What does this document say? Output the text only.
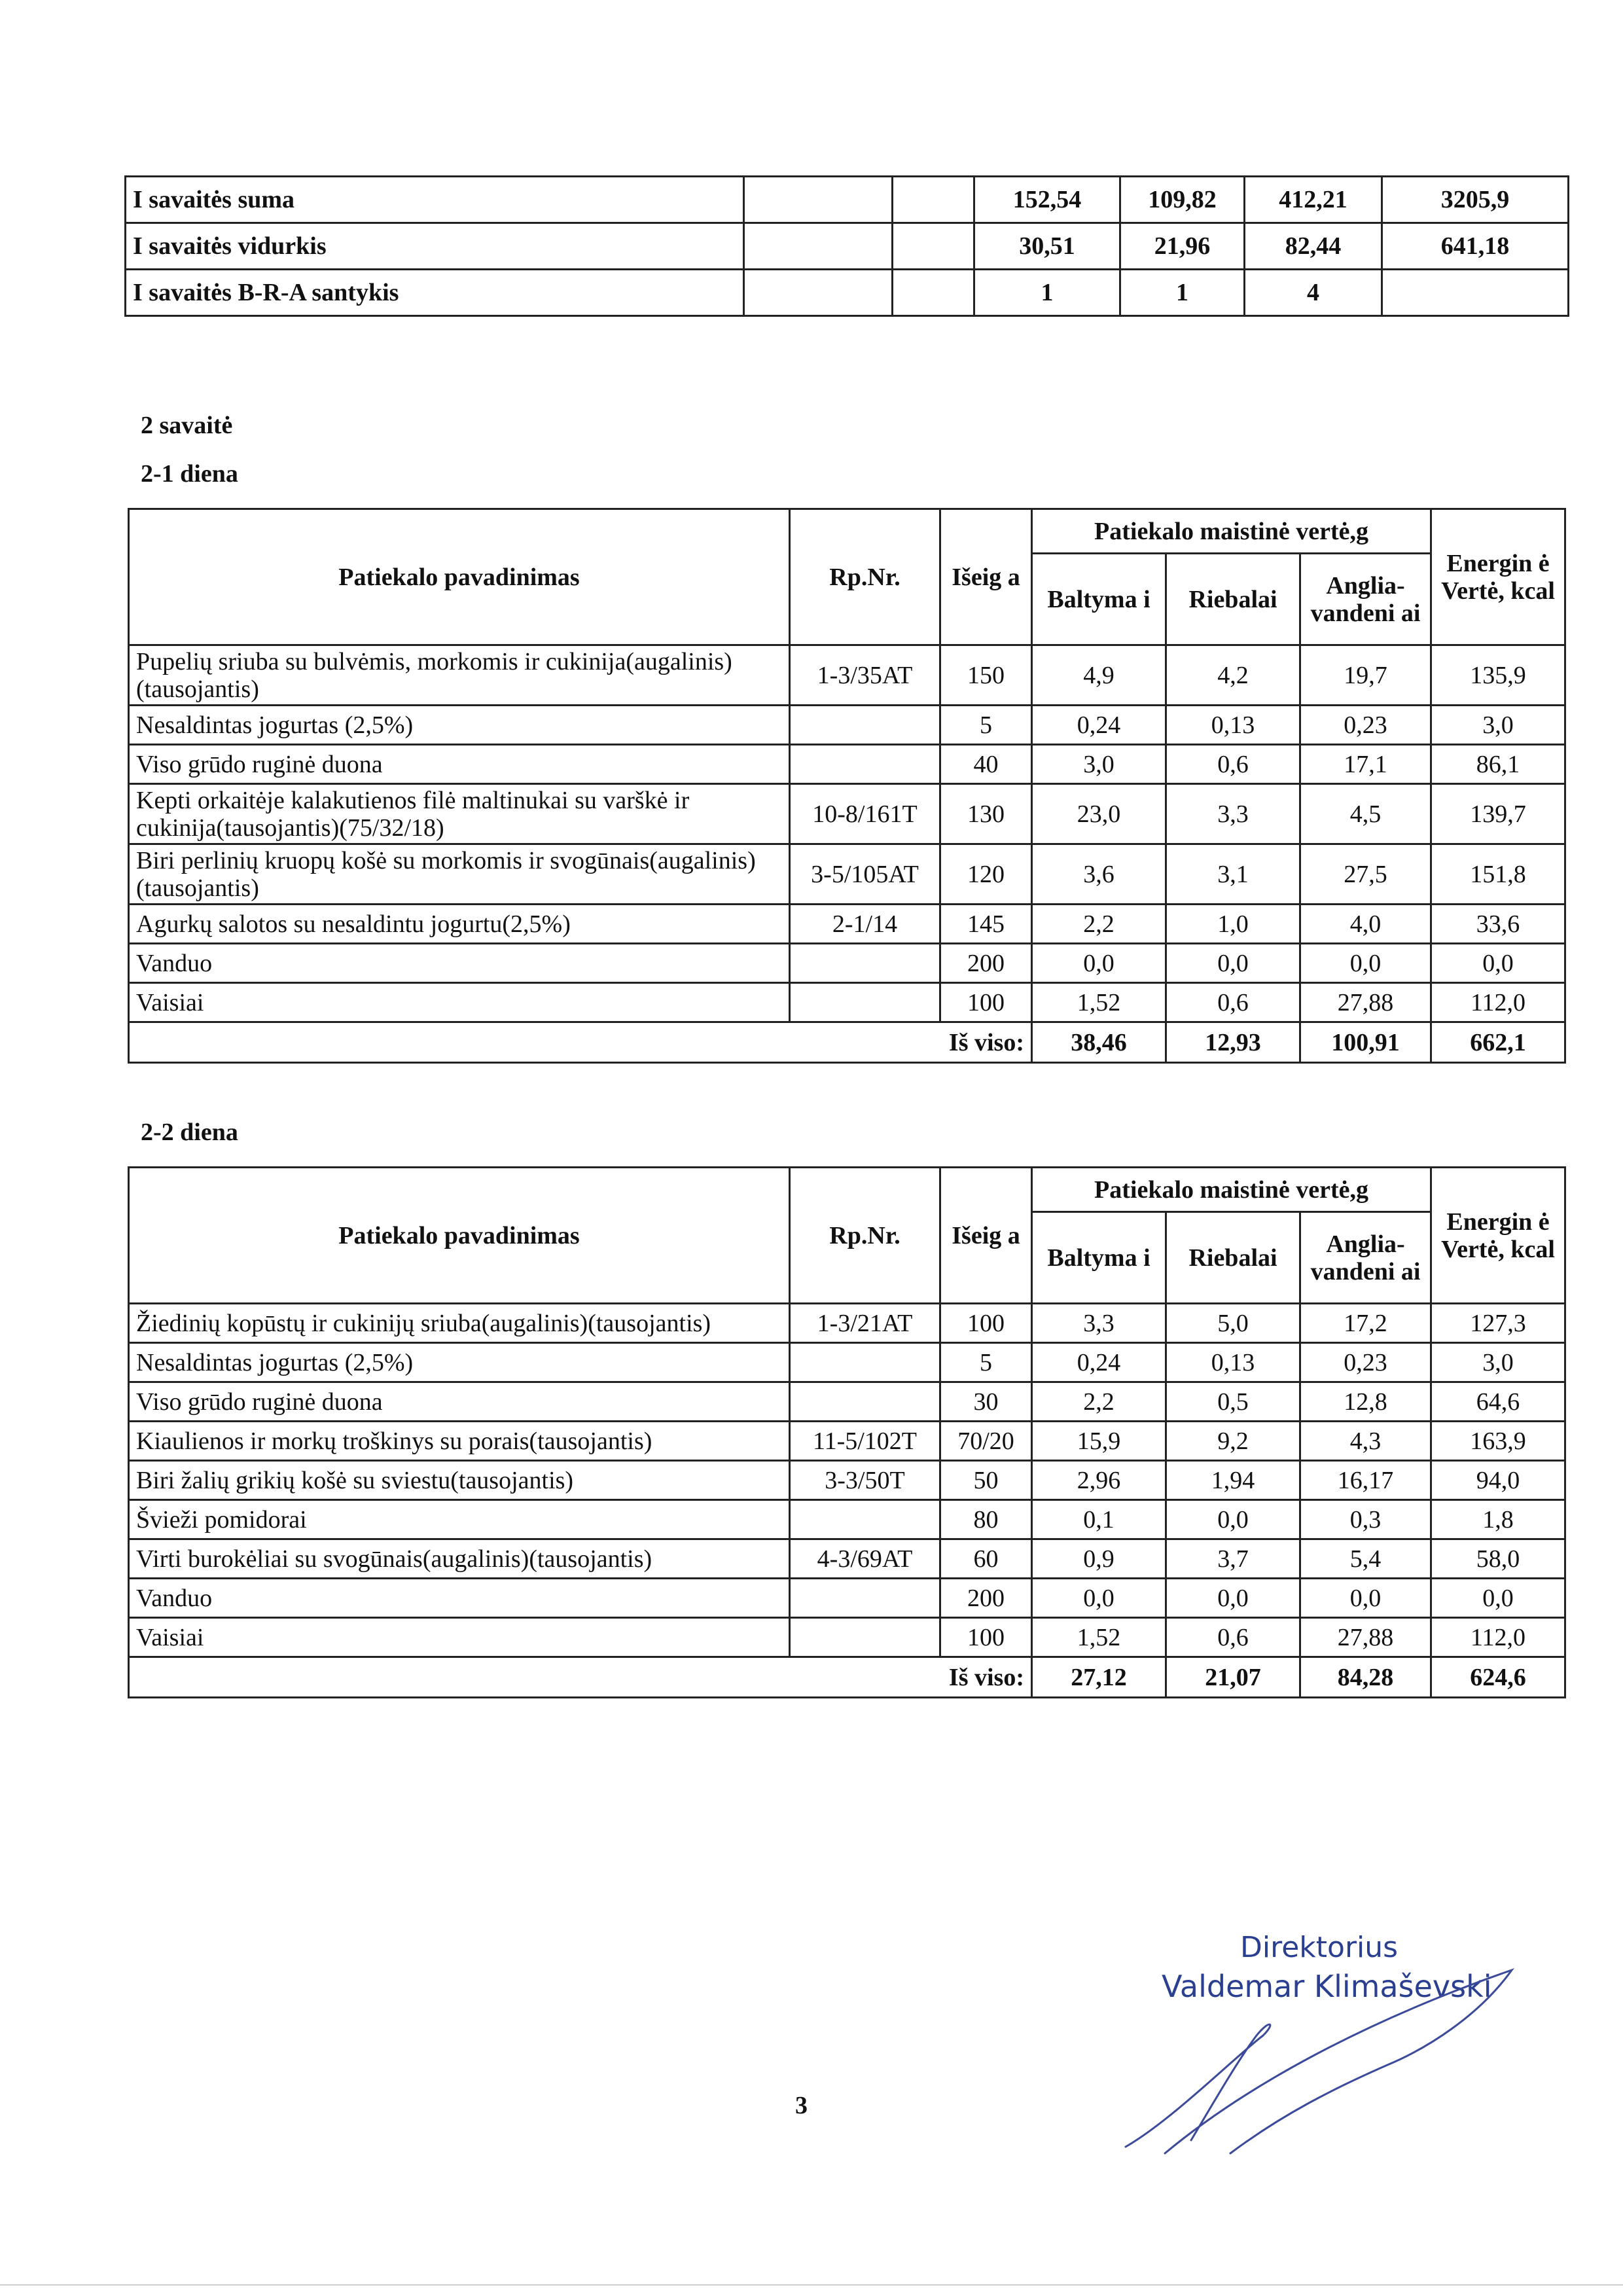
I savaitės suma			152,54	109,82	412,21	3205,9
I savaitės vidurkis			30,51	21,96	82,44	641,18
I savaitės B-R-A santykis			1	1	4	
2 savaitė
2-1 diena
Patiekalo pavadinimas	Rp.Nr.	Išeig a	Patiekalo maistinė vertė,g			Energin ė Vertė, kcal
			Baltyma i	Riebalai	Anglia- vandeni ai	
Pupelių sriuba su bulvėmis, morkomis ir cukinija(augalinis)(tausojantis)	1-3/35AT	150	4,9	4,2	19,7	135,9
Nesaldintas jogurtas (2,5%)		5	0,24	0,13	0,23	3,0
Viso grūdo ruginė duona		40	3,0	0,6	17,1	86,1
Kepti orkaitėje kalakutienos filė maltinukai su varškė ir cukinija(tausojantis)(75/32/18)	10-8/161T	130	23,0	3,3	4,5	139,7
Biri perlinių kruopų košė su morkomis ir svogūnais(augalinis)(tausojantis)	3-5/105AT	120	3,6	3,1	27,5	151,8
Agurkų salotos su nesaldintu jogurtu(2,5%)	2-1/14	145	2,2	1,0	4,0	33,6
Vanduo		200	0,0	0,0	0,0	0,0
Vaisiai		100	1,52	0,6	27,88	112,0
Iš viso:			38,46	12,93	100,91	662,1
2-2 diena
Patiekalo pavadinimas	Rp.Nr.	Išeig a	Patiekalo maistinė vertė,g			Energin ė Vertė, kcal
			Baltyma i	Riebalai	Anglia- vandeni ai	
Žiedinių kopūstų ir cukinijų sriuba(augalinis)(tausojantis)	1-3/21AT	100	3,3	5,0	17,2	127,3
Nesaldintas jogurtas (2,5%)		5	0,24	0,13	0,23	3,0
Viso grūdo ruginė duona		30	2,2	0,5	12,8	64,6
Kiaulienos ir morkų troškinys su porais(tausojantis)	11-5/102T	70/20	15,9	9,2	4,3	163,9
Biri žalių grikių košė su sviestu(tausojantis)	3-3/50T	50	2,96	1,94	16,17	94,0
Švieži pomidorai		80	0,1	0,0	0,3	1,8
Virti burokėliai su svogūnais(augalinis)(tausojantis)	4-3/69AT	60	0,9	3,7	5,4	58,0
Vanduo		200	0,0	0,0	0,0	0,0
Vaisiai		100	1,52	0,6	27,88	112,0
Iš viso:			27,12	21,07	84,28	624,6
Direktorius
Valdemar Klimaševski
3
